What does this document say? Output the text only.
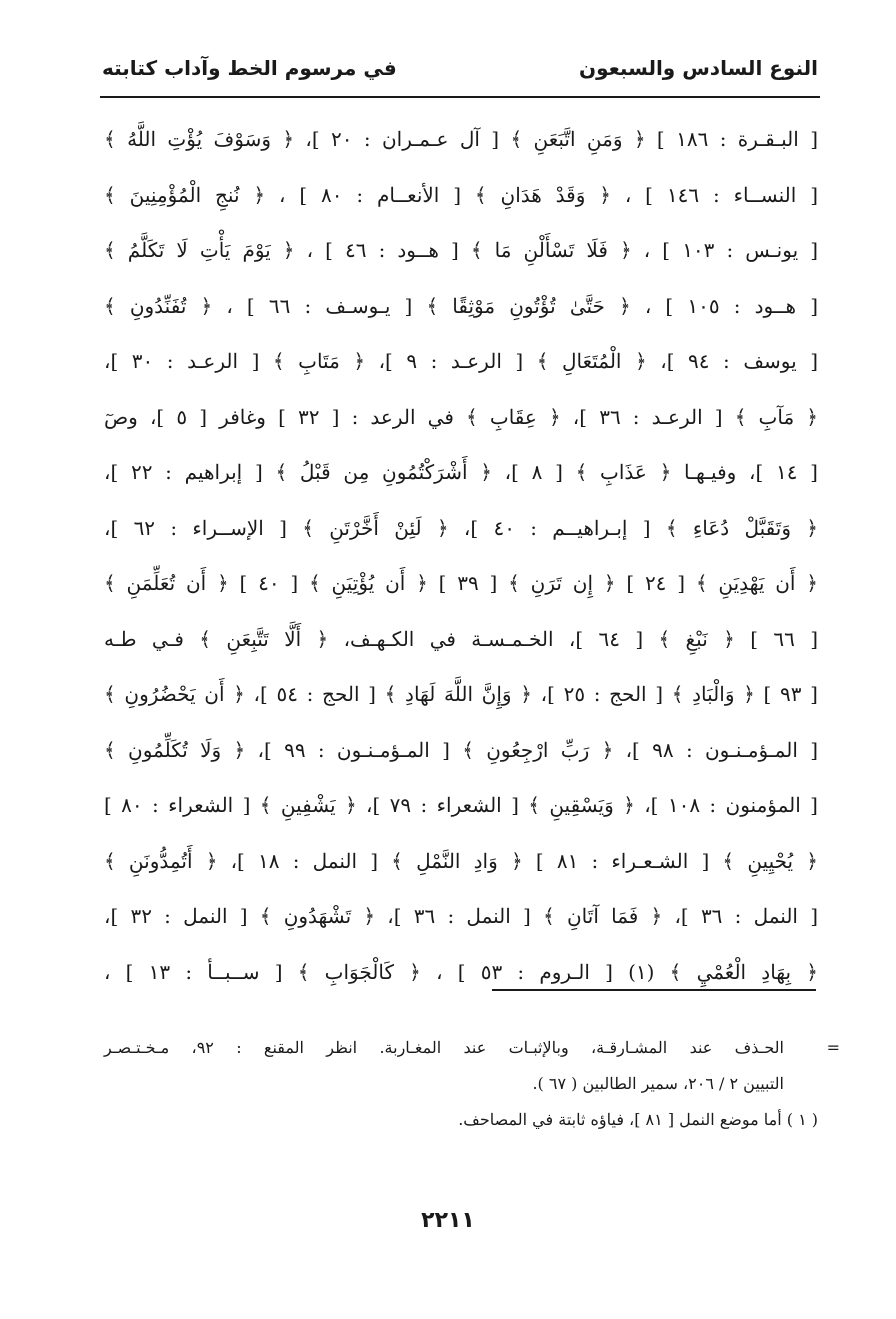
النوع السادس والسبعون
في مرسوم الخط وآداب كتابته
[ البـقـرة : ١٨٦ ] ﴿ وَمَنِ اتَّبَعَنِ ﴾ [ آل عـمـران : ٢٠ ]، ﴿ وَسَوْفَ يُؤْتِ اللَّهُ ﴾
[ النســاء : ١٤٦ ] ، ﴿ وَقَدْ هَدَانِ ﴾ [ الأنعــام : ٨٠ ] ، ﴿ نُنجِ الْمُؤْمِنِينَ ﴾
[ يونـس : ١٠٣ ] ، ﴿ فَلَا تَسْأَلْنِ مَا ﴾ [ هــود : ٤٦ ] ، ﴿ يَوْمَ يَأْتِ لَا تَكَلَّمُ ﴾
[ هــود : ١٠٥ ] ، ﴿ حَتَّىٰ تُؤْتُونِ مَوْثِقًا ﴾ [ يـوسـف : ٦٦ ] ، ﴿ تُفَنِّدُونِ ﴾
[ يوسف : ٩٤ ]، ﴿ الْمُتَعَالِ ﴾ [ الرعـد : ٩ ]، ﴿ مَتَابِ ﴾ [ الرعـد : ٣٠ ]،
﴿ مَآبِ ﴾ [ الرعـد : ٣٦ ]، ﴿ عِقَابِ ﴾ في الرعد : [ ٣٢ ] وغافر [ ٥ ]، وصٓ
[ ١٤ ]، وفيـهـا ﴿ عَذَابِ ﴾ [ ٨ ]، ﴿ أَشْرَكْتُمُونِ مِن قَبْلُ ﴾ [ إبراهيم : ٢٢ ]،
﴿ وَتَقَبَّلْ دُعَاءِ ﴾ [ إبـراهيــم : ٤٠ ]، ﴿ لَئِنْ أَخَّرْتَنِ ﴾ [ الإســراء : ٦٢ ]،
﴿ أَن يَهْدِيَنِ ﴾ [ ٢٤ ] ﴿ إِن تَرَنِ ﴾ [ ٣٩ ] ﴿ أَن يُؤْتِيَنِ ﴾ [ ٤٠ ] ﴿ أَن تُعَلِّمَنِ ﴾
[ ٦٦ ] ﴿ نَبْغِ ﴾ [ ٦٤ ]، الخـمـسـة في الكـهـف، ﴿ أَلَّا تَتَّبِعَنِ ﴾ فـي طـه
[ ٩٣ ] ﴿ وَالْبَادِ ﴾ [ الحج : ٢٥ ]، ﴿ وَإِنَّ اللَّهَ لَهَادِ ﴾ [ الحج : ٥٤ ]، ﴿ أَن يَحْضُرُونِ ﴾
[ المـؤمـنـون : ٩٨ ]، ﴿ رَبِّ ارْجِعُونِ ﴾ [ المـؤمـنـون : ٩٩ ]، ﴿ وَلَا تُكَلِّمُونِ ﴾
[ المؤمنون : ١٠٨ ]، ﴿ وَيَسْقِينِ ﴾ [ الشعراء : ٧٩ ]، ﴿ يَشْفِينِ ﴾ [ الشعراء : ٨٠ ]
﴿ يُحْيِينِ ﴾ [ الشـعـراء : ٨١ ] ﴿ وَادِ النَّمْلِ ﴾ [ النمل : ١٨ ]، ﴿ أَتُمِدُّونَنِ ﴾
[ النمل : ٣٦ ]، ﴿ فَمَا آتَانِ ﴾ [ النمل : ٣٦ ]، ﴿ تَشْهَدُونِ ﴾ [ النمل : ٣٢ ]،
﴿ بِهَادِ الْعُمْيِ ﴾ (١) [ الـروم : ٥٣ ] ، ﴿ كَالْجَوَابِ ﴾ [ ســبــأ : ١٣ ] ،
=
الحـذف عند المشـارقـة، وبالإثبـات عند المغـاربة. انظر المقنع : ٩٢، مـخـتـصـر
التبيين ٢ / ٢٠٦، سمير الطالبين ( ٦٧ ).
( ١ ) أما موضع النمل [ ٨١ ]، فياؤه ثابتة في المصاحف.
٢٢١١
